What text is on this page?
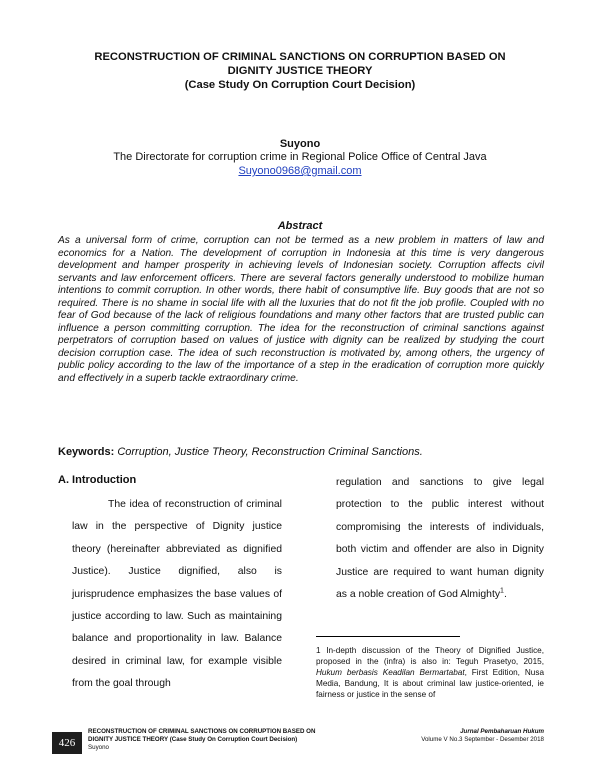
RECONSTRUCTION OF CRIMINAL SANCTIONS ON CORRUPTION BASED ON
DIGNITY JUSTICE THEORY
(Case Study On Corruption Court Decision)
Suyono
The Directorate for corruption crime in Regional Police Office of Central Java
Suyono0968@gmail.com
Abstract
As a universal form of crime, corruption can not be termed as a new problem in matters of law and economics for a Nation. The development of corruption in Indonesia at this time is very dangerous development and hamper prosperity in achieving levels of Indonesian society. Corruption affects civil servants and law enforcement officers. There are several factors generally understood to mobilize human intentions to commit corruption. In other words, there habit of consumptive life. Buy goods that are not so required. There is no shame in social life with all the luxuries that do not fit the job profile. Coupled with no fear of God because of the lack of religious foundations and many other factors that are trusted public can influence a person committing corruption. The idea for the reconstruction of criminal sanctions against perpetrators of corruption based on values of justice with dignity can be realized by studying the court decision corruption case. The idea of such reconstruction is motivated by, among others, the urgency of public policy according to the law of the importance of a step in the eradication of corruption more quickly and effectively in a superb tackle extraordinary crime.
Keywords: Corruption, Justice Theory, Reconstruction Criminal Sanctions.
A. Introduction

The idea of reconstruction of criminal law in the perspective of Dignity justice theory (hereinafter abbreviated as dignified Justice). Justice dignified, also is jurisprudence emphasizes the base values of justice according to law. Such as maintaining balance and proportionality in law. Balance desired in criminal law, for example visible from the goal through

regulation and sanctions to give legal protection to the public interest without compromising the interests of individuals, both victim and offender are also in Dignity Justice are required to want human dignity as a noble creation of God Almighty$^1$.

1 In-depth discussion of the Theory of Dignified Justice, proposed in the (infra) is also in: Teguh Prasetyo, 2015, Hukum berbasis Keadilan Bermartabat, First Edition, Nusa Media, Bandung, It is about criminal law justice-oriented, ie fairness or justice in the sense of
426
RECONSTRUCTION OF CRIMINAL SANCTIONS ON CORRUPTION BASED ON
DIGNITY JUSTICE THEORY (Case Study On Corruption Court Decision)
Suyono
Jurnal Pembaharuan Hukum
Volume V No.3 September - Desember 2018
